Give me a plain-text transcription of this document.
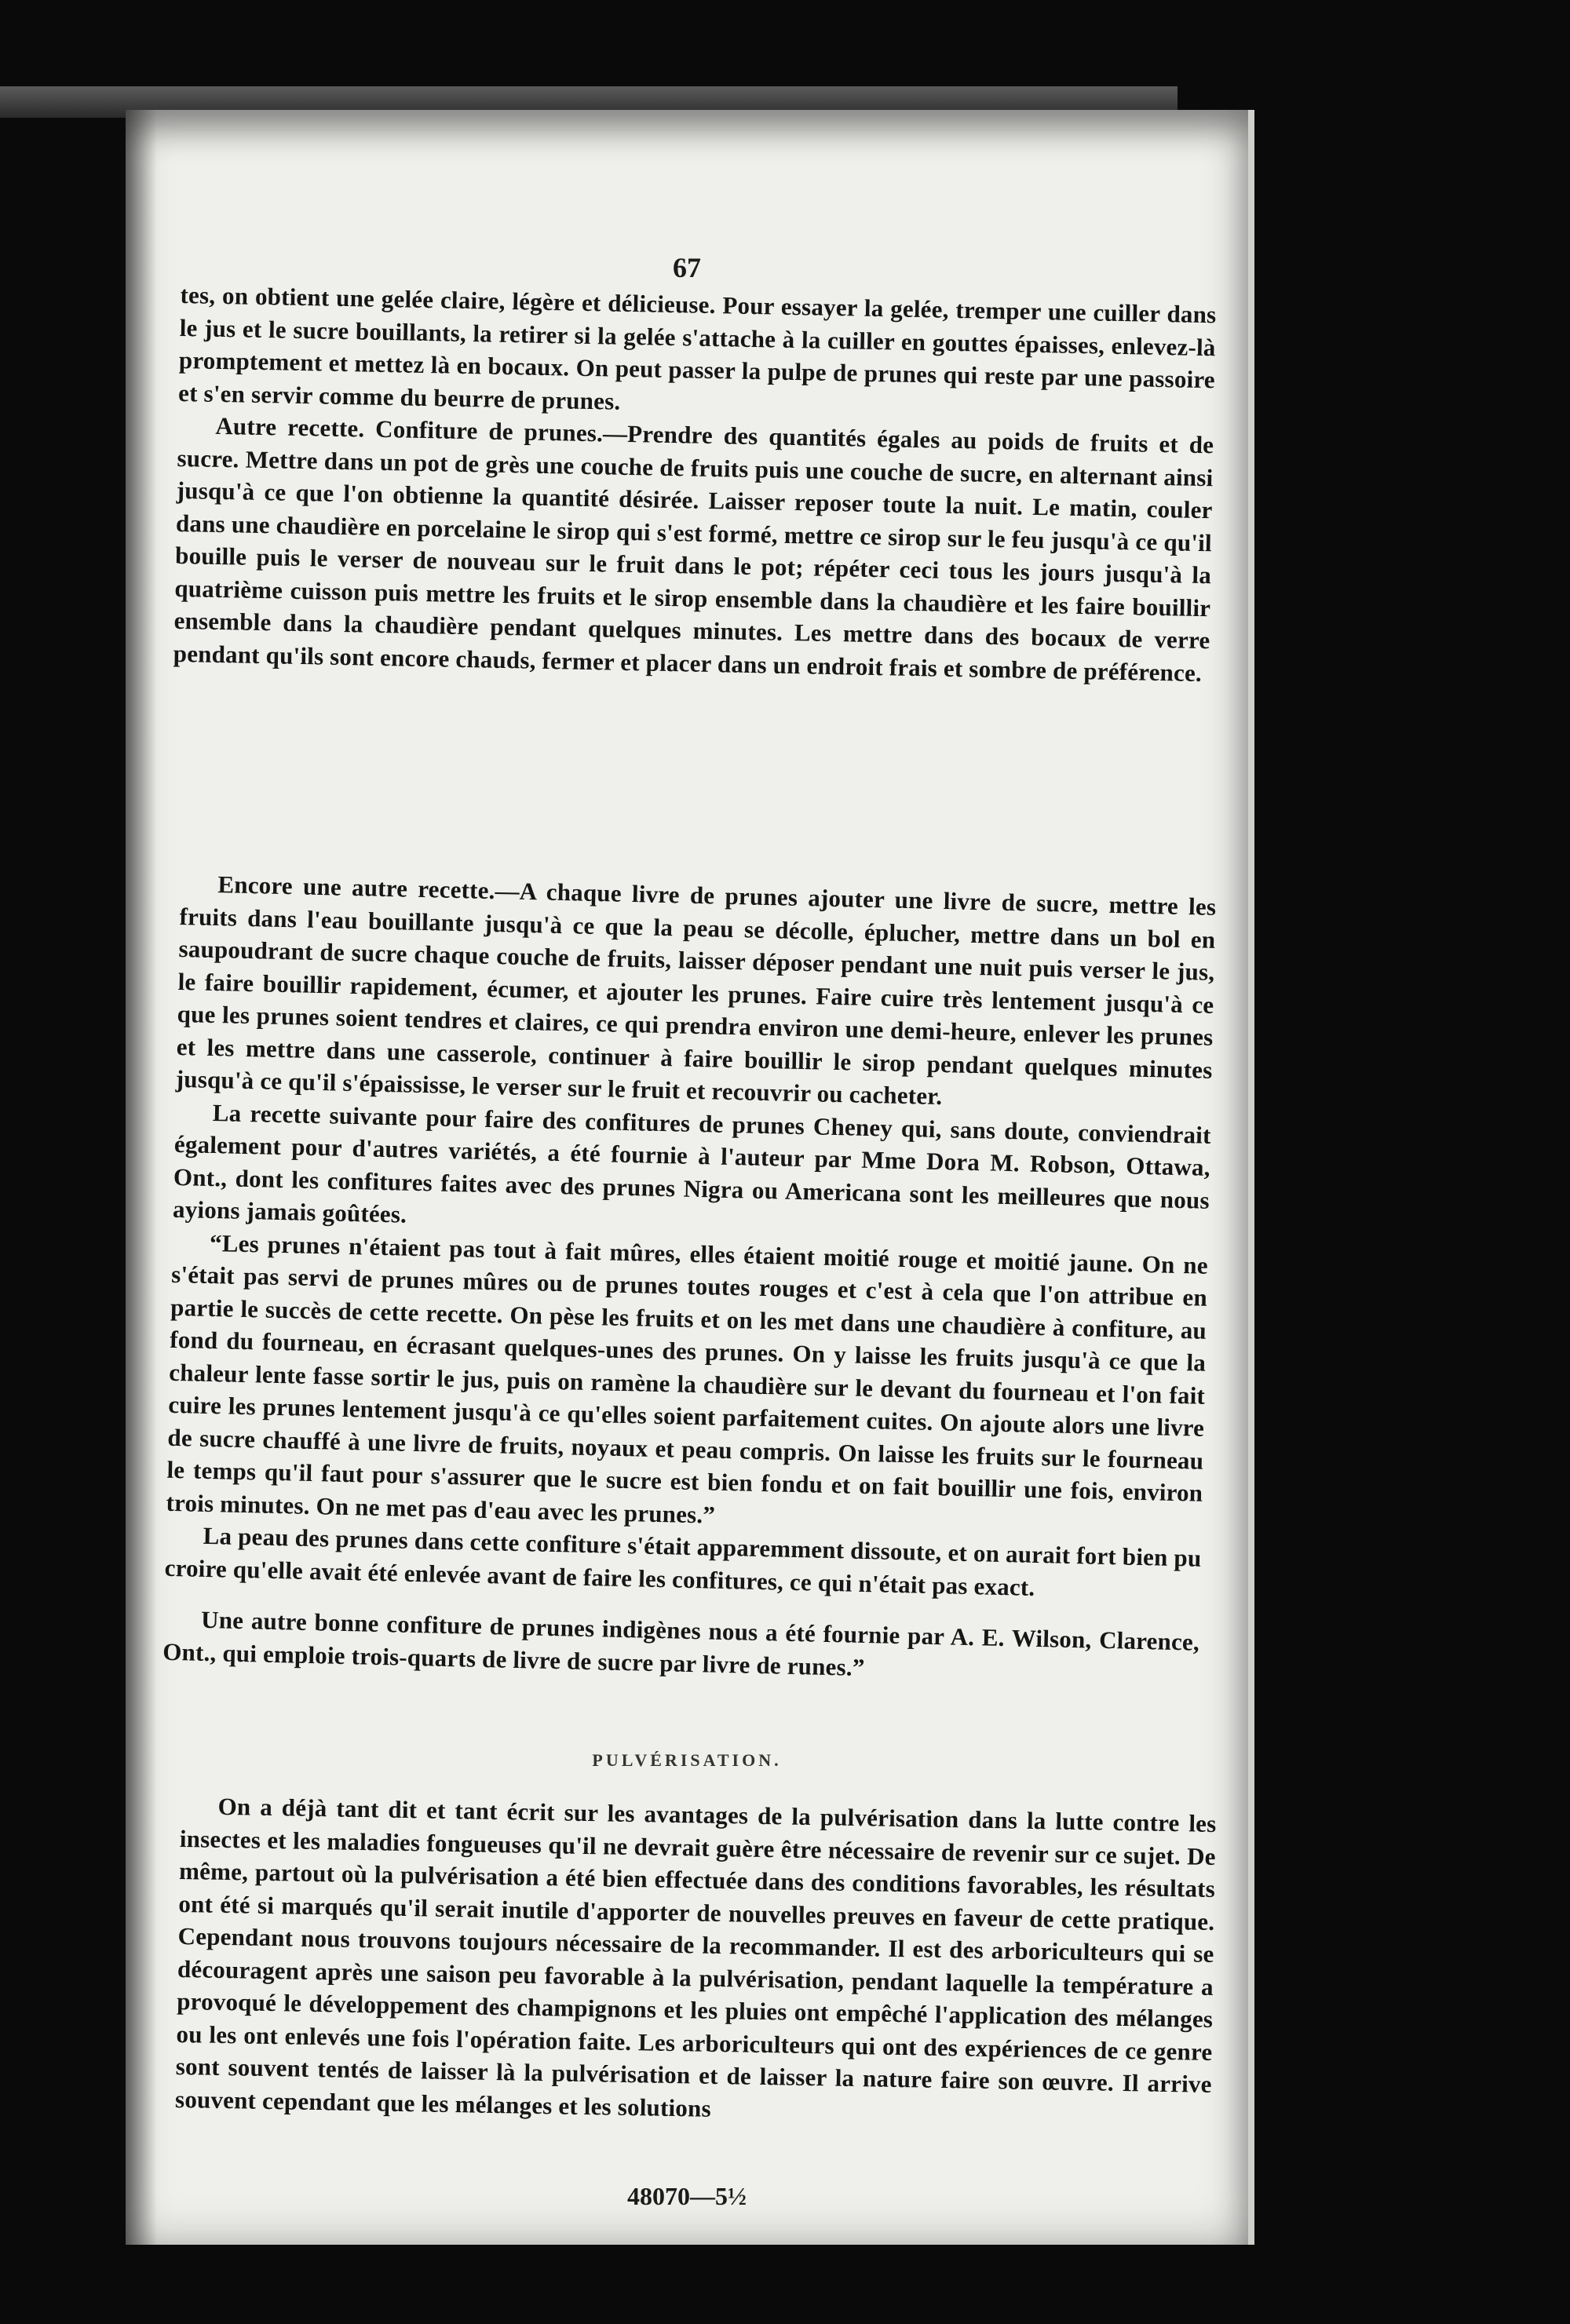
67

tes, on obtient une gelée claire, légère et délicieuse. Pour essayer la gelée, tremper une cuiller dans le jus et le sucre bouillants, la retirer si la gelée s'attache à la cuiller en gouttes épaisses, enlevez-là promptement et mettez là en bocaux. On peut passer la pulpe de prunes qui reste par une passoire et s'en servir comme du beurre de prunes.

Autre recette. Confiture de prunes.—Prendre des quantités égales au poids de fruits et de sucre. Mettre dans un pot de grès une couche de fruits puis une couche de sucre, en alternant ainsi jusqu'à ce que l'on obtienne la quantité désirée. Laisser reposer toute la nuit. Le matin, couler dans une chaudière en porcelaine le sirop qui s'est formé, mettre ce sirop sur le feu jusqu'à ce qu'il bouille puis le verser de nouveau sur le fruit dans le pot; répéter ceci tous les jours jusqu'à la quatrième cuisson puis mettre les fruits et le sirop ensemble dans la chaudière et les faire bouillir ensemble dans la chaudière pendant quelques minutes. Les mettre dans des bocaux de verre pendant qu'ils sont encore chauds, fermer et placer dans un endroit frais et sombre de préférence.

Encore une autre recette.—A chaque livre de prunes ajouter une livre de sucre, mettre les fruits dans l'eau bouillante jusqu'à ce que la peau se décolle, éplucher, mettre dans un bol en saupoudrant de sucre chaque couche de fruits, laisser déposer pendant une nuit puis verser le jus, le faire bouillir rapidement, écumer, et ajouter les prunes. Faire cuire très lentement jusqu'à ce que les prunes soient tendres et claires, ce qui prendra environ une demi-heure, enlever les prunes et les mettre dans une casserole, continuer à faire bouillir le sirop pendant quelques minutes jusqu'à ce qu'il s'épaississe, le verser sur le fruit et recouvrir ou cacheter.

La recette suivante pour faire des confitures de prunes Cheney qui, sans doute, conviendrait également pour d'autres variétés, a été fournie à l'auteur par Mme Dora M. Robson, Ottawa, Ont., dont les confitures faites avec des prunes Nigra ou Americana sont les meilleures que nous ayions jamais goûtées.

“Les prunes n'étaient pas tout à fait mûres, elles étaient moitié rouge et moitié jaune. On ne s'était pas servi de prunes mûres ou de prunes toutes rouges et c'est à cela que l'on attribue en partie le succès de cette recette. On pèse les fruits et on les met dans une chaudière à confiture, au fond du fourneau, en écrasant quelques-unes des prunes. On y laisse les fruits jusqu'à ce que la chaleur lente fasse sortir le jus, puis on ramène la chaudière sur le devant du fourneau et l'on fait cuire les prunes lentement jusqu'à ce qu'elles soient parfaitement cuites. On ajoute alors une livre de sucre chauffé à une livre de fruits, noyaux et peau compris. On laisse les fruits sur le fourneau le temps qu'il faut pour s'assurer que le sucre est bien fondu et on fait bouillir une fois, environ trois minutes. On ne met pas d'eau avec les prunes.”

La peau des prunes dans cette confiture s'était apparemment dissoute, et on aurait fort bien pu croire qu'elle avait été enlevée avant de faire les confitures, ce qui n'était pas exact.

Une autre bonne confiture de prunes indigènes nous a été fournie par A. E. Wilson, Clarence, Ont., qui emploie trois-quarts de livre de sucre par livre de runes.”

PULVÉRISATION.

On a déjà tant dit et tant écrit sur les avantages de la pulvérisation dans la lutte contre les insectes et les maladies fongueuses qu'il ne devrait guère être nécessaire de revenir sur ce sujet. De même, partout où la pulvérisation a été bien effectuée dans des conditions favorables, les résultats ont été si marqués qu'il serait inutile d'apporter de nouvelles preuves en faveur de cette pratique. Cependant nous trouvons toujours nécessaire de la recommander. Il est des arboriculteurs qui se découragent après une saison peu favorable à la pulvérisation, pendant laquelle la température a provoqué le développement des champignons et les pluies ont empêché l'application des mélanges ou les ont enlevés une fois l'opération faite. Les arboriculteurs qui ont des expériences de ce genre sont souvent tentés de laisser là la pulvérisation et de laisser la nature faire son œuvre. Il arrive souvent cependant que les mélanges et les solutions

48070—5½
